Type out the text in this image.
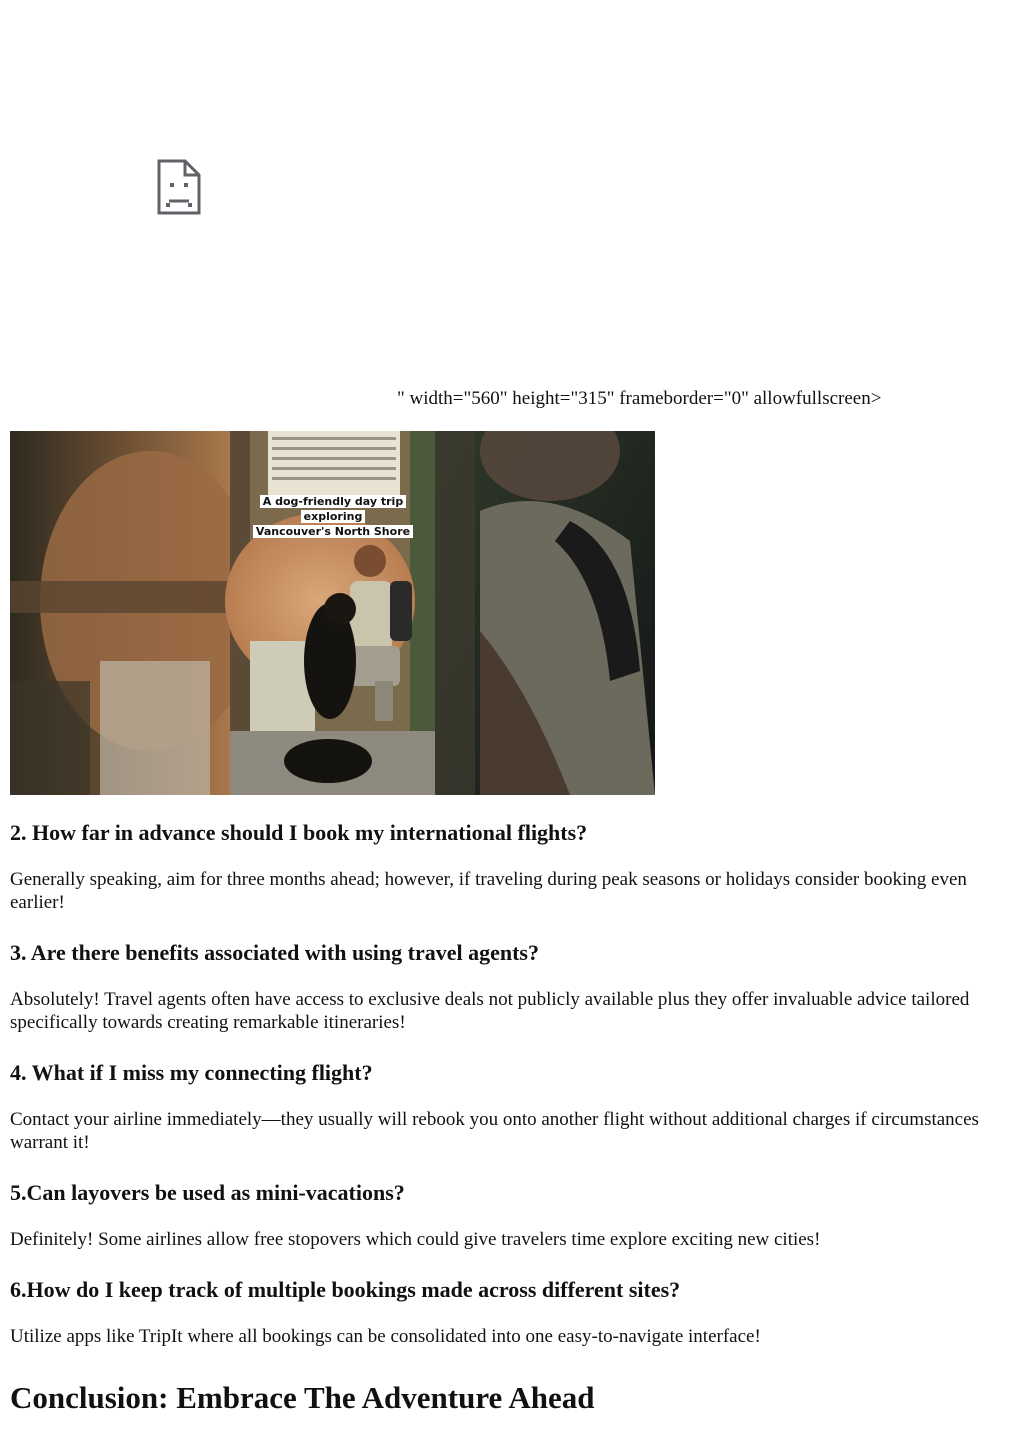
" width="560" height="315" frameborder="0" allowfullscreen>
A dog-friendly day trip exploring
Vancouver's North Shore
2. How far in advance should I book my international flights?

Generally speaking, aim for three months ahead; however, if traveling during peak seasons or holidays consider booking even earlier!

3. Are there benefits associated with using travel agents?

Absolutely! Travel agents often have access to exclusive deals not publicly available plus they offer invaluable advice tailored specifically towards creating remarkable itineraries!

4. What if I miss my connecting flight?

Contact your airline immediately—they usually will rebook you onto another flight without additional charges if circumstances warrant it!

5.Can layovers be used as mini-vacations?

Definitely! Some airlines allow free stopovers which could give travelers time explore exciting new cities!

6.How do I keep track of multiple bookings made across different sites?

Utilize apps like TripIt where all bookings can be consolidated into one easy-to-navigate interface!

Conclusion: Embrace The Adventure Ahead
